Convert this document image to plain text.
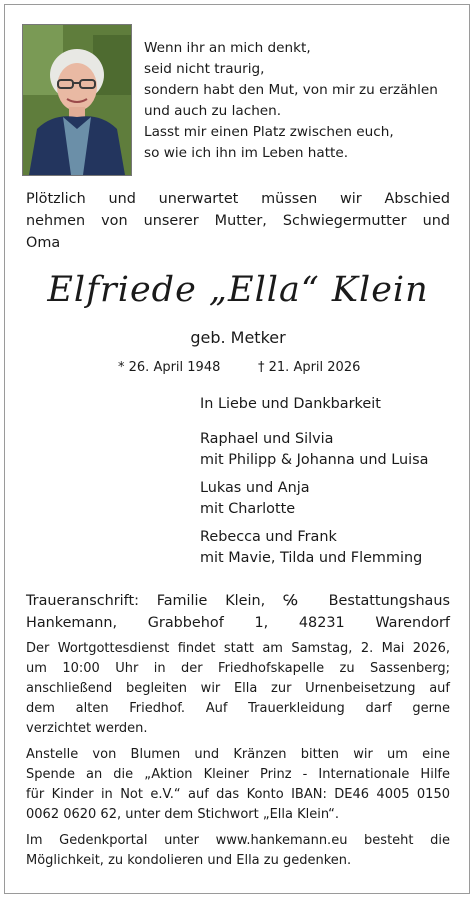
Wenn ihr an mich denkt,
seid nicht traurig,
sondern habt den Mut, von mir zu erzählen
und auch zu lachen.
Lasst mir einen Platz zwischen euch,
so wie ich ihn im Leben hatte.
Plötzlich und unerwartet müssen wir Abschied
nehmen von unserer Mutter, Schwiegermutter und
Oma
Elfriede „Ella“ Klein
geb. Metker
* 26. April 1948	† 21. April 2026
In Liebe und Dankbarkeit
Raphael und Silvia
mit Philipp & Johanna und Luisa
Lukas und Anja
mit Charlotte
Rebecca und Frank
mit Mavie, Tilda und Flemming
Traueranschrift: Familie Klein, ℅ Bestattungshaus
Hankemann, Grabbehof 1, 48231 Warendorf

Der Wortgottesdienst findet statt am Samstag, 2. Mai 2026,
um 10:00 Uhr in der Friedhofskapelle zu Sassenberg;
anschließend begleiten wir Ella zur Urnenbeisetzung auf
dem alten Friedhof. Auf Trauerkleidung darf gerne
verzichtet werden.

Anstelle von Blumen und Kränzen bitten wir um eine
Spende an die „Aktion Kleiner Prinz - Internationale Hilfe
für Kinder in Not e.V.“ auf das Konto IBAN: DE46 4005 0150
0062 0620 62, unter dem Stichwort „Ella Klein“.

Im Gedenkportal unter www.hankemann.eu besteht die
Möglichkeit, zu kondolieren und Ella zu gedenken.
